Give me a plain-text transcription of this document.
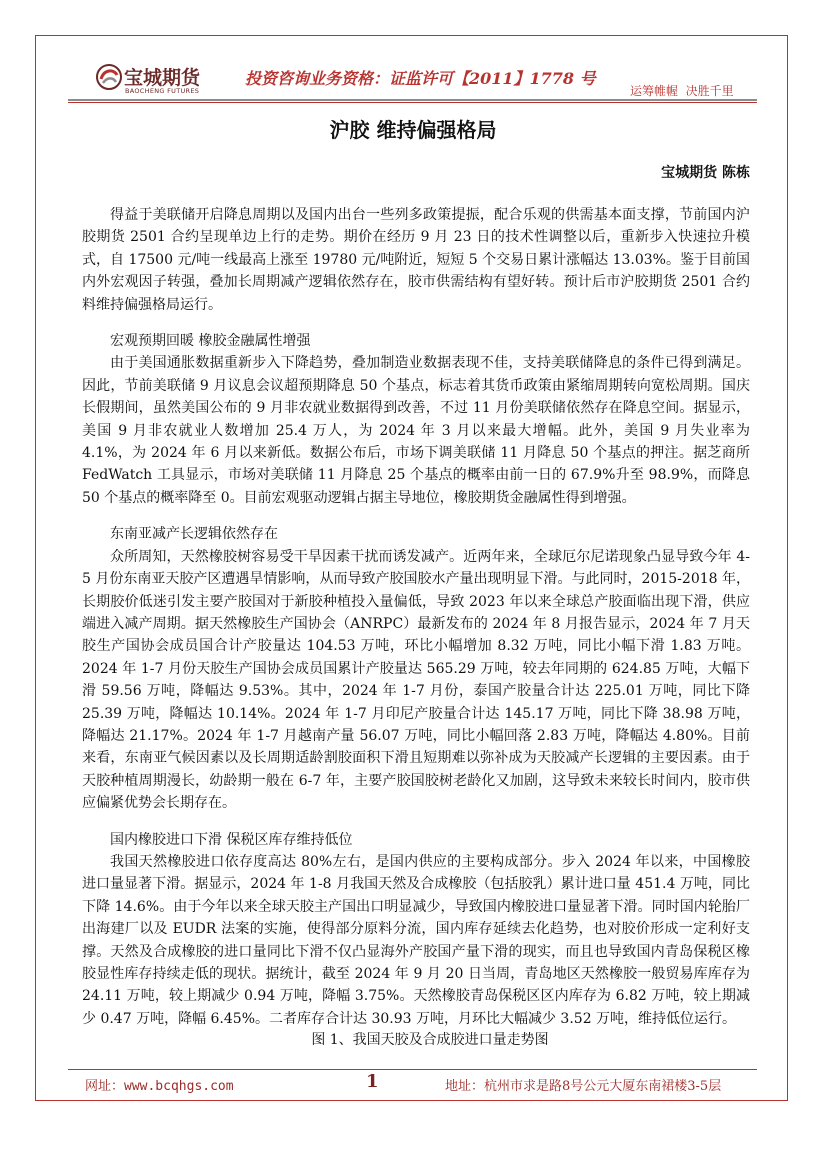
宝城期货
BAOCHENG FUTURES
投资咨询业务资格：证监许可【2011】1778 号
运筹帷幄  决胜千里
沪胶 维持偏强格局
宝城期货 陈栋

得益于美联储开启降息周期以及国内出台一些列多政策提振，配合乐观的供需基本面支撑，节前国内沪胶期货 2501 合约呈现单边上行的走势。期价在经历 9 月 23 日的技术性调整以后，重新步入快速拉升模式，自 17500 元/吨一线最高上涨至 19780 元/吨附近，短短 5 个交易日累计涨幅达 13.03%。鉴于目前国内外宏观因子转强，叠加长周期减产逻辑依然存在，胶市供需结构有望好转。预计后市沪胶期货 2501 合约料维持偏强格局运行。

宏观预期回暖 橡胶金融属性增强

由于美国通胀数据重新步入下降趋势，叠加制造业数据表现不佳，支持美联储降息的条件已得到满足。因此，节前美联储 9 月议息会议超预期降息 50 个基点，标志着其货币政策由紧缩周期转向宽松周期。国庆长假期间，虽然美国公布的 9 月非农就业数据得到改善，不过 11 月份美联储依然存在降息空间。据显示，美国 9 月非农就业人数增加 25.4 万人，为 2024 年 3 月以来最大增幅。此外，美国 9 月失业率为 4.1%，为 2024 年 6 月以来新低。数据公布后，市场下调美联储 11 月降息 50 个基点的押注。据芝商所 FedWatch 工具显示，市场对美联储 11 月降息 25 个基点的概率由前一日的 67.9%升至 98.9%，而降息 50 个基点的概率降至 0。目前宏观驱动逻辑占据主导地位，橡胶期货金融属性得到增强。

东南亚减产长逻辑依然存在

众所周知，天然橡胶树容易受干旱因素干扰而诱发减产。近两年来，全球厄尔尼诺现象凸显导致今年 4-5 月份东南亚天胶产区遭遇旱情影响，从而导致产胶国胶水产量出现明显下滑。与此同时，2015-2018 年，长期胶价低迷引发主要产胶国对于新胶种植投入量偏低，导致 2023 年以来全球总产胶面临出现下滑，供应端进入减产周期。据天然橡胶生产国协会（ANRPC）最新发布的 2024 年 8 月报告显示，2024 年 7 月天胶生产国协会成员国合计产胶量达 104.53 万吨，环比小幅增加 8.32 万吨，同比小幅下滑 1.83 万吨。2024 年 1-7 月份天胶生产国协会成员国累计产胶量达 565.29 万吨，较去年同期的 624.85 万吨，大幅下滑 59.56 万吨，降幅达 9.53%。其中，2024 年 1-7 月份，泰国产胶量合计达 225.01 万吨，同比下降 25.39 万吨，降幅达 10.14%。2024 年 1-7 月印尼产胶量合计达 145.17 万吨，同比下降 38.98 万吨，降幅达 21.17%。2024 年 1-7 月越南产量 56.07 万吨，同比小幅回落 2.83 万吨，降幅达 4.80%。目前来看，东南亚气候因素以及长周期适龄割胶面积下滑且短期难以弥补成为天胶减产长逻辑的主要因素。由于天胶种植周期漫长，幼龄期一般在 6-7 年，主要产胶国胶树老龄化又加剧，这导致未来较长时间内，胶市供应偏紧优势会长期存在。

国内橡胶进口下滑 保税区库存维持低位

我国天然橡胶进口依存度高达 80%左右，是国内供应的主要构成部分。步入 2024 年以来，中国橡胶进口量显著下滑。据显示，2024 年 1-8 月我国天然及合成橡胶（包括胶乳）累计进口量 451.4 万吨，同比下降 14.6%。由于今年以来全球天胶主产国出口明显减少，导致国内橡胶进口量显著下滑。同时国内轮胎厂出海建厂以及 EUDR 法案的实施，使得部分原料分流，国内库存延续去化趋势，也对胶价形成一定利好支撑。天然及合成橡胶的进口量同比下滑不仅凸显海外产胶国产量下滑的现实，而且也导致国内青岛保税区橡胶显性库存持续走低的现状。据统计，截至 2024 年 9 月 20 日当周，青岛地区天然橡胶一般贸易库库存为 24.11 万吨，较上期减少 0.94 万吨，降幅 3.75%。天然橡胶青岛保税区区内库存为 6.82 万吨，较上期减少 0.47 万吨，降幅 6.45%。二者库存合计达 30.93 万吨，月环比大幅减少 3.52 万吨，维持低位运行。

图 1、我国天胶及合成胶进口量走势图
网址：www.bcqhgs.com	1	地址：杭州市求是路8号公元大厦东南裙楼3-5层
